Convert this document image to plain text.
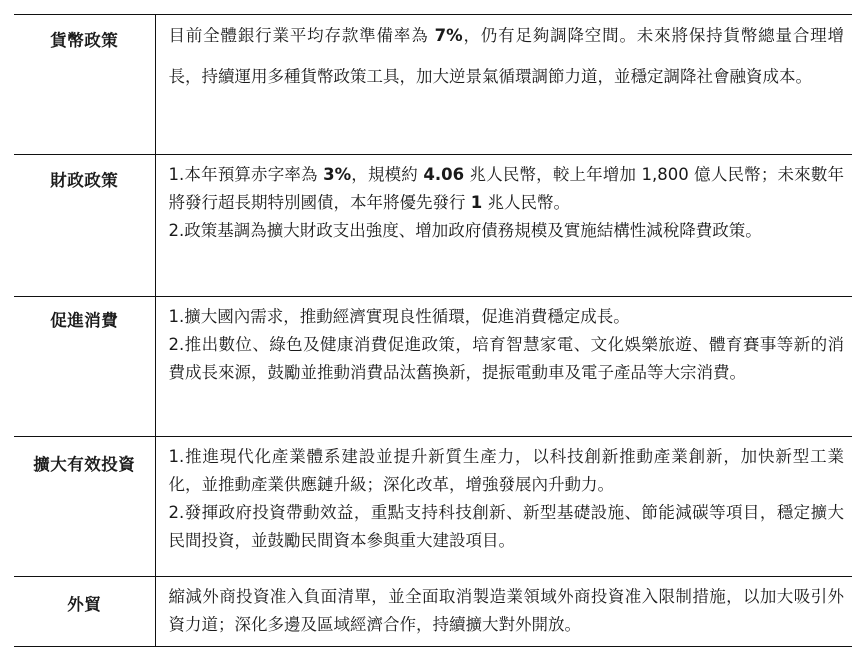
貨幣政策	目前全體銀行業平均存款準備率為 7%，仍有足夠調降空間。未來將保持貨幣總量合理增長，持續運用多種貨幣政策工具，加大逆景氣循環調節力道，並穩定調降社會融資成本。

財政政策	1.本年預算赤字率為 3%，規模約 4.06 兆人民幣，較上年增加 1,800 億人民幣；未來數年將發行超長期特別國債，本年將優先發行 1 兆人民幣。
2.政策基調為擴大財政支出強度、增加政府債務規模及實施結構性減稅降費政策。

促進消費	1.擴大國內需求，推動經濟實現良性循環，促進消費穩定成長。
2.推出數位、綠色及健康消費促進政策，培育智慧家電、文化娛樂旅遊、體育賽事等新的消費成長來源，鼓勵並推動消費品汰舊換新，提振電動車及電子產品等大宗消費。

擴大有效投資	1.推進現代化產業體系建設並提升新質生產力，以科技創新推動產業創新，加快新型工業化，並推動產業供應鏈升級；深化改革，增強發展內升動力。
2.發揮政府投資帶動效益，重點支持科技創新、新型基礎設施、節能減碳等項目，穩定擴大民間投資，並鼓勵民間資本參與重大建設項目。

外貿	縮減外商投資准入負面清單，並全面取消製造業領域外商投資准入限制措施，以加大吸引外資力道；深化多邊及區域經濟合作，持續擴大對外開放。
